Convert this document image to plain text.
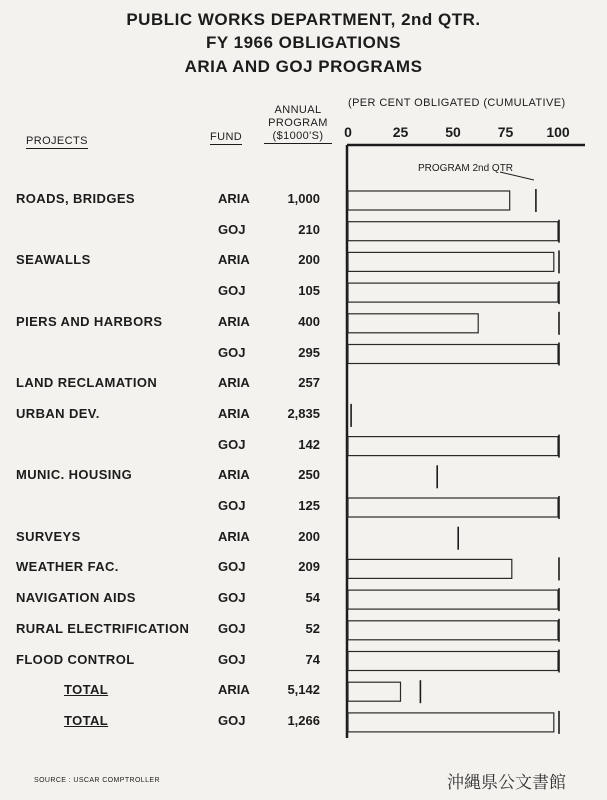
PUBLIC WORKS DEPARTMENT, 2nd QTR.
FY 1966 OBLIGATIONS
ARIA AND GOJ PROGRAMS
PROJECTS	FUND
ANNUAL
PROGRAM
($1000'S)
(PER CENT OBLIGATED (CUMULATIVE)
ROADS, BRIDGES	ARIA	1,000
GOJ	210
SEAWALLS	ARIA	200
GOJ	105
PIERS AND HARBORS	ARIA	400
GOJ	295
LAND RECLAMATION	ARIA	257
URBAN DEV.	ARIA	2,835
GOJ	142
MUNIC. HOUSING	ARIA	250
GOJ	125
SURVEYS	ARIA	200
WEATHER FAC.	GOJ	209
NAVIGATION AIDS	GOJ	54
RURAL ELECTRIFICATION GOJ	52
FLOOD CONTROL	GOJ	74
TOTAL	ARIA	5,142
TOTAL	GOJ	1,266
0	25	50	75 100
PROGRAM 2nd QTR
SOURCE : USCAR COMPTROLLER	沖縄県公文書館
